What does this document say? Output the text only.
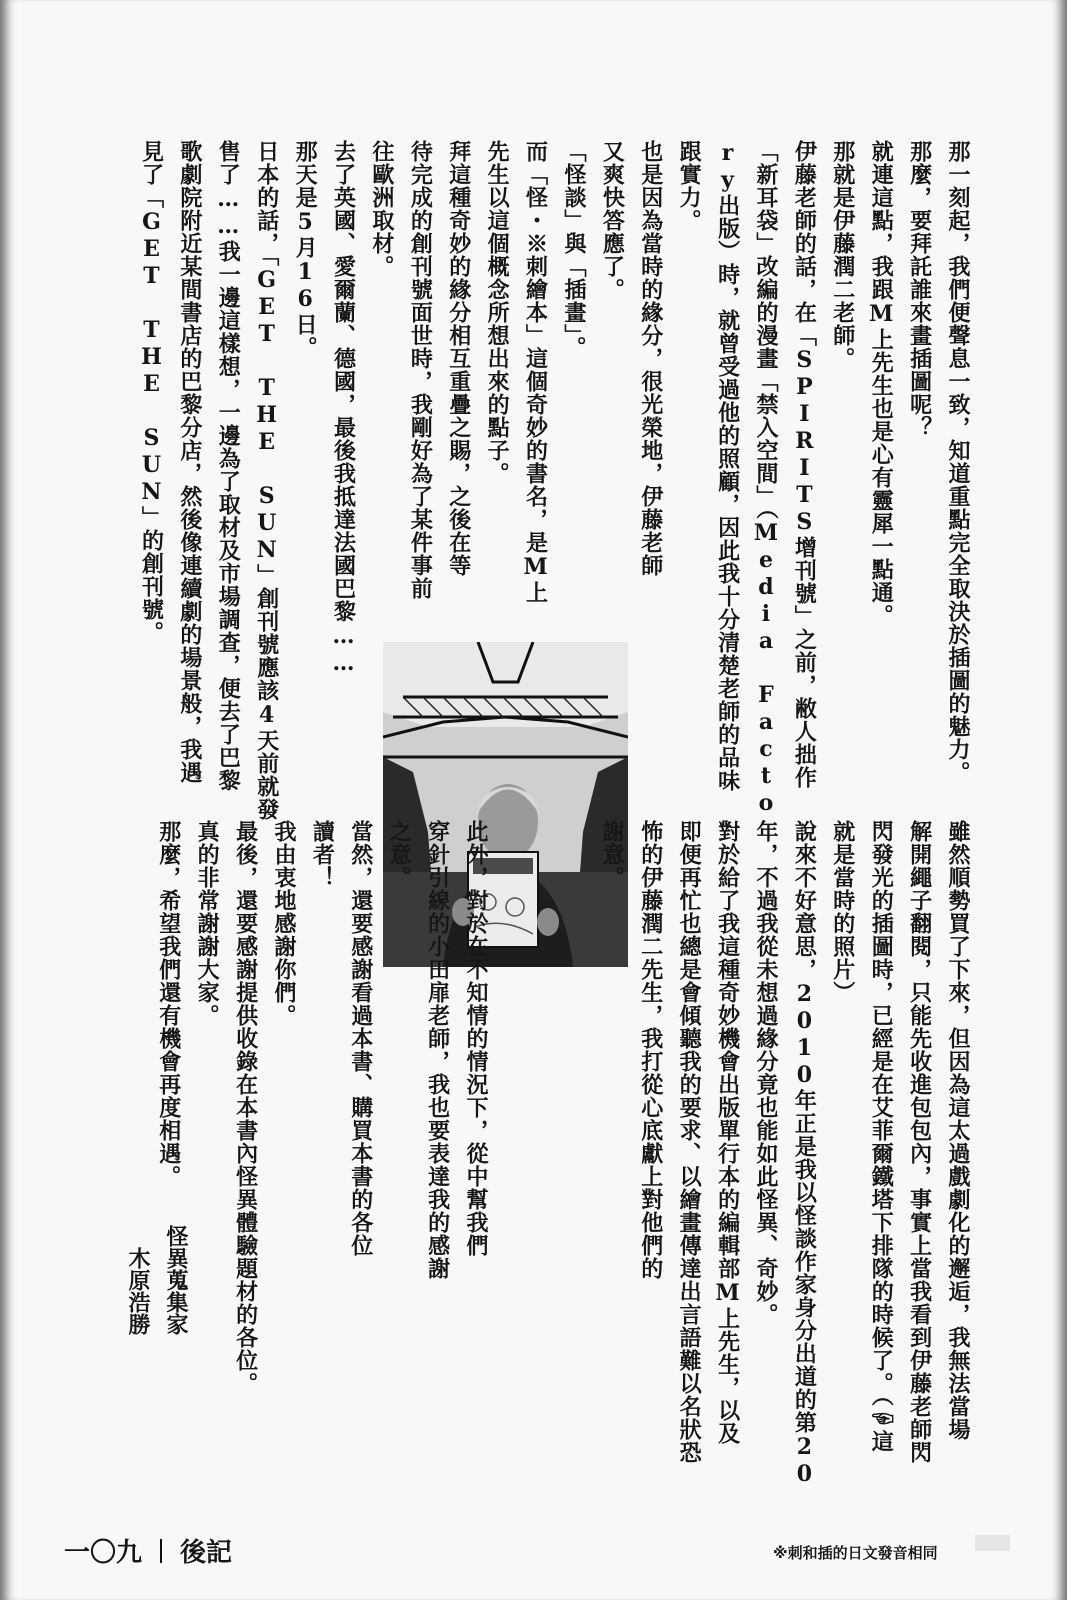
那一刻起，我們便聲息一致，知道重點完全取決於插圖的魅力。

那麼，要拜託誰來畫插圖呢？

就連這點，我跟M上先生也是心有靈犀一點通。

那就是伊藤潤二老師。

伊藤老師的話，在「SPIRITS增刊號」之前，敝人拙作

「新耳袋」改編的漫畫「禁入空間」（Media Facto

ry出版）時，就曾受過他的照顧，因此我十分清楚老師的品味

跟實力。

也是因為當時的緣分，很光榮地，伊藤老師

又爽快答應了。

「怪談」與「插畫」。

而「怪・※刺繪本」這個奇妙的書名，是M上

先生以這個概念所想出來的點子。

拜這種奇妙的緣分相互重疊之賜，之後在等

待完成的創刊號面世時，我剛好為了某件事前

往歐洲取材。

去了英國、愛爾蘭、德國，最後我抵達法國巴黎……

那天是5月16日。

日本的話，「GET THE SUN」創刊號應該4天前就發

售了……我一邊這樣想，一邊為了取材及市場調查，便去了巴黎

歌劇院附近某間書店的巴黎分店，然後像連續劇的場景般，我遇

見了「GET THE SUN」的創刊號。

雖然順勢買了下來，但因為這太過戲劇化的邂逅，我無法當場

解開繩子翻閱，只能先收進包包內，事實上當我看到伊藤老師閃

閃發光的插圖時，已經是在艾菲爾鐵塔下排隊的時候了。（☜這

就是當時的照片）

說來不好意思，2010年正是我以怪談作家身分出道的第20

年，不過我從未想過緣分竟也能如此怪異、奇妙。

對於給了我這種奇妙機會出版單行本的編輯部M上先生，以及

即便再忙也總是會傾聽我的要求、以繪畫傳達出言語難以名狀恐

怖的伊藤潤二先生，我打從心底獻上對他們的

謝意。

此外，對於在不知情的情況下，從中幫我們

穿針引線的小田扉老師，我也要表達我的感謝

之意。

當然，還要感謝看過本書、購買本書的各位

讀者！

我由衷地感謝你們。

最後，還要感謝提供收錄在本書內怪異體驗題材的各位。

真的非常謝謝大家。

那麼，希望我們還有機會再度相遇。

怪異蒐集家
木原浩勝
一〇九 後記	※刺和插的日文發音相同
